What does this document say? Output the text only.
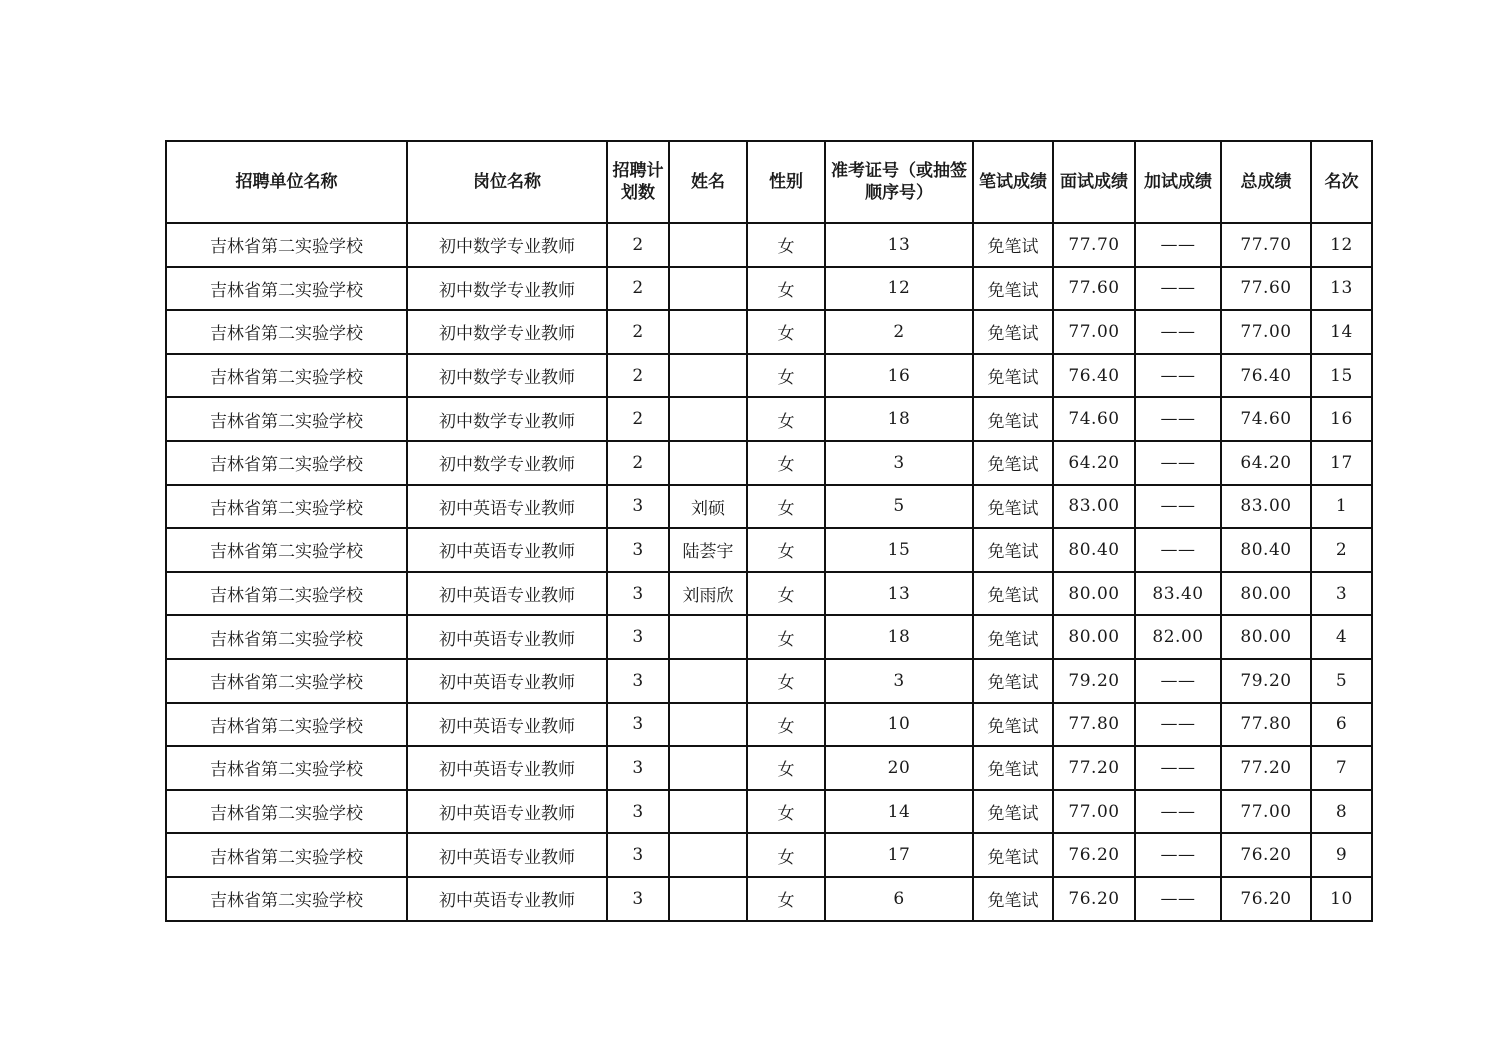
招聘单位名称	岗位名称	招聘计划数	姓名	性别	准考证号（或抽签顺序号）	笔试成绩	面试成绩	加试成绩	总成绩	名次
吉林省第二实验学校	初中数学专业教师	2		女	13	免笔试	77.70	——	77.70	12
吉林省第二实验学校	初中数学专业教师	2		女	12	免笔试	77.60	——	77.60	13
吉林省第二实验学校	初中数学专业教师	2		女	2	免笔试	77.00	——	77.00	14
吉林省第二实验学校	初中数学专业教师	2		女	16	免笔试	76.40	——	76.40	15
吉林省第二实验学校	初中数学专业教师	2		女	18	免笔试	74.60	——	74.60	16
吉林省第二实验学校	初中数学专业教师	2		女	3	免笔试	64.20	——	64.20	17
吉林省第二实验学校	初中英语专业教师	3	刘硕	女	5	免笔试	83.00	——	83.00	1
吉林省第二实验学校	初中英语专业教师	3	陆荟宇	女	15	免笔试	80.40	——	80.40	2
吉林省第二实验学校	初中英语专业教师	3	刘雨欣	女	13	免笔试	80.00	83.40	80.00	3
吉林省第二实验学校	初中英语专业教师	3		女	18	免笔试	80.00	82.00	80.00	4
吉林省第二实验学校	初中英语专业教师	3		女	3	免笔试	79.20	——	79.20	5
吉林省第二实验学校	初中英语专业教师	3		女	10	免笔试	77.80	——	77.80	6
吉林省第二实验学校	初中英语专业教师	3		女	20	免笔试	77.20	——	77.20	7
吉林省第二实验学校	初中英语专业教师	3		女	14	免笔试	77.00	——	77.00	8
吉林省第二实验学校	初中英语专业教师	3		女	17	免笔试	76.20	——	76.20	9
吉林省第二实验学校	初中英语专业教师	3		女	6	免笔试	76.20	——	76.20	10
